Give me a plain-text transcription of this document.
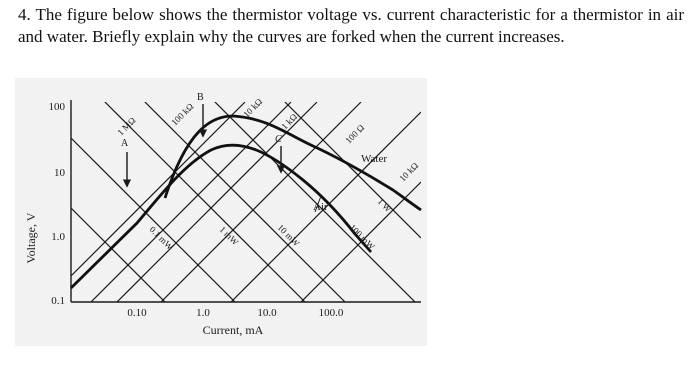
4. The figure below shows the thermistor voltage vs. current characteristic for a thermistor in air and water. Briefly explain why the curves are forked when the current increases.

Voltage, V
Current, mA
100
10
1.0
0.1
0.10	1.0	10.0	100.0
1 MΩ	100 kΩ	10 kΩ
1 kΩ
100 Ω
10 kΩ
0.1 mW	1 mW	10 mW	100 mW
1 W
Air
Water
A
B
C
